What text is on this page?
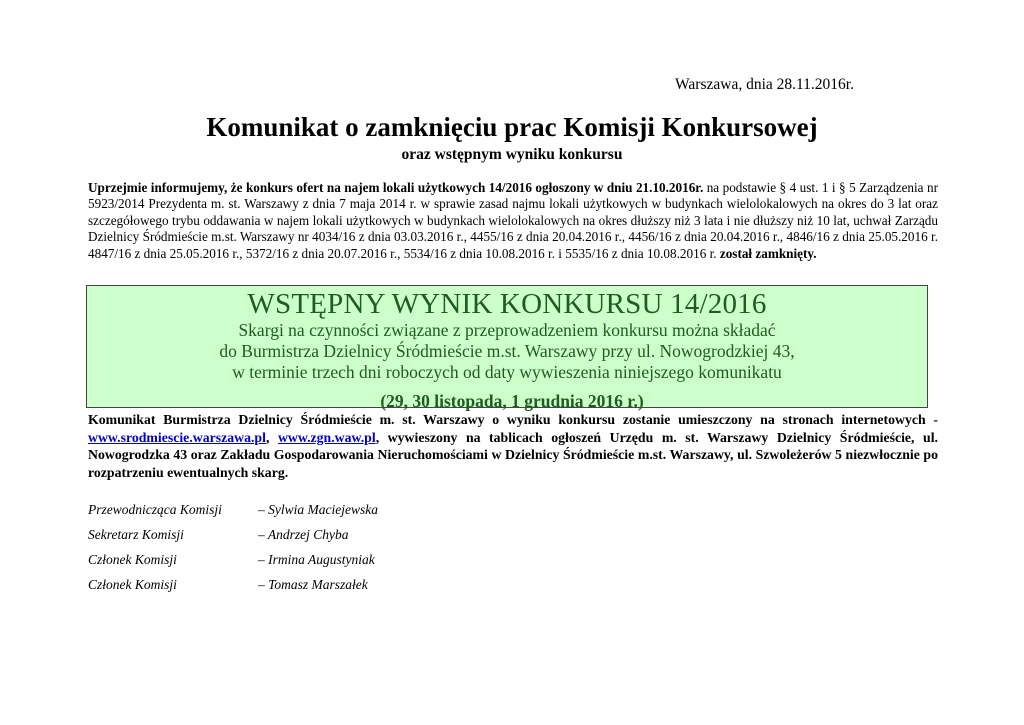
Warszawa, dnia 28.11.2016r.
Komunikat o zamknięciu prac Komisji Konkursowej
oraz wstępnym wyniku konkursu
Uprzejmie informujemy, że konkurs ofert na najem lokali użytkowych 14/2016 ogłoszony w dniu 21.10.2016r. na podstawie § 4 ust. 1 i § 5 Zarządzenia nr 5923/2014 Prezydenta m. st. Warszawy z dnia 7 maja 2014 r. w sprawie zasad najmu lokali użytkowych w budynkach wielolokalowych na okres do 3 lat oraz szczegółowego trybu oddawania w najem lokali użytkowych w budynkach wielolokalowych na okres dłuższy niż 3 lata i nie dłuższy niż 10 lat, uchwał Zarządu Dzielnicy Śródmieście m.st. Warszawy nr 4034/16 z dnia 03.03.2016 r., 4455/16 z dnia 20.04.2016 r., 4456/16 z dnia 20.04.2016 r., 4846/16 z dnia 25.05.2016 r. 4847/16 z dnia 25.05.2016 r., 5372/16 z dnia 20.07.2016 r., 5534/16 z dnia 10.08.2016 r. i 5535/16 z dnia 10.08.2016 r. został zamknięty.
WSTĘPNY WYNIK KONKURSU 14/2016
Skargi na czynności związane z przeprowadzeniem konkursu można składać
do Burmistrza Dzielnicy Śródmieście m.st. Warszawy przy ul. Nowogrodzkiej 43,
w terminie trzech dni roboczych od daty wywieszenia niniejszego komunikatu
(29, 30 listopada, 1 grudnia 2016 r.)
Komunikat Burmistrza Dzielnicy Śródmieście m. st. Warszawy o wyniku konkursu zostanie umieszczony na stronach internetowych - www.srodmiescie.warszawa.pl, www.zgn.waw.pl, wywieszony na tablicach ogłoszeń Urzędu m. st. Warszawy Dzielnicy Śródmieście, ul. Nowogrodzka 43 oraz Zakładu Gospodarowania Nieruchomościami w Dzielnicy Śródmieście m.st. Warszawy, ul. Szwoleżerów 5 niezwłocznie po rozpatrzeniu ewentualnych skarg.
Przewodnicząca Komisji	– Sylwia Maciejewska
Sekretarz Komisji	– Andrzej Chyba
Członek Komisji	– Irmina Augustyniak
Członek Komisji	– Tomasz Marszałek
